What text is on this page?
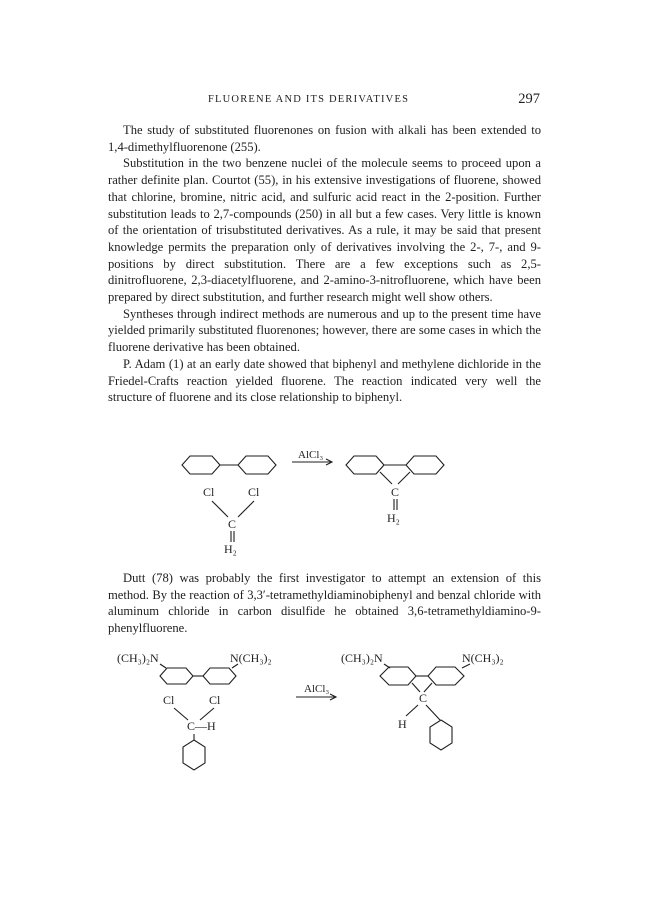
FLUORENE AND ITS DERIVATIVES	297

The study of substituted fluorenones on fusion with alkali has been extended to 1,4-dimethylfluorenone (255).

Substitution in the two benzene nuclei of the molecule seems to proceed upon a rather definite plan. Courtot (55), in his extensive investigations of fluorene, showed that chlorine, bromine, nitric acid, and sulfuric acid react in the 2-position. Further substitution leads to 2,7-compounds (250) in all but a few cases. Very little is known of the orientation of trisubstituted derivatives. As a rule, it may be said that present knowledge permits the preparation only of derivatives involving the 2-, 7-, and 9-positions by direct substitution. There are a few exceptions such as 2,5-dinitrofluorene, 2,3-diacetylfluorene, and 2-amino-3-nitrofluorene, which have been prepared by direct substitution, and further research might well show others.

Syntheses through indirect methods are numerous and up to the present time have yielded primarily substituted fluorenones; however, there are some cases in which the fluorene derivative has been obtained.

P. Adam (1) at an early date showed that biphenyl and methylene dichloride in the Friedel-Crafts reaction yielded fluorene. The reaction indicated very well the structure of fluorene and its close relationship to biphenyl.

Dutt (78) was probably the first investigator to attempt an extension of this method. By the reaction of 3,3′-tetramethyldiaminobiphenyl and benzal chloride with aluminum chloride in carbon disulfide he obtained 3,6-tetramethyldiamino-9-phenylfluorene.

Cl	Cl
C
H₂
AlCl₃
C
H₂
(CH₃)₂N	N(CH₃)₂
Cl	Cl
C—H
AlCl₃
(CH₃)₂N	N(CH₃)₂
C
H
